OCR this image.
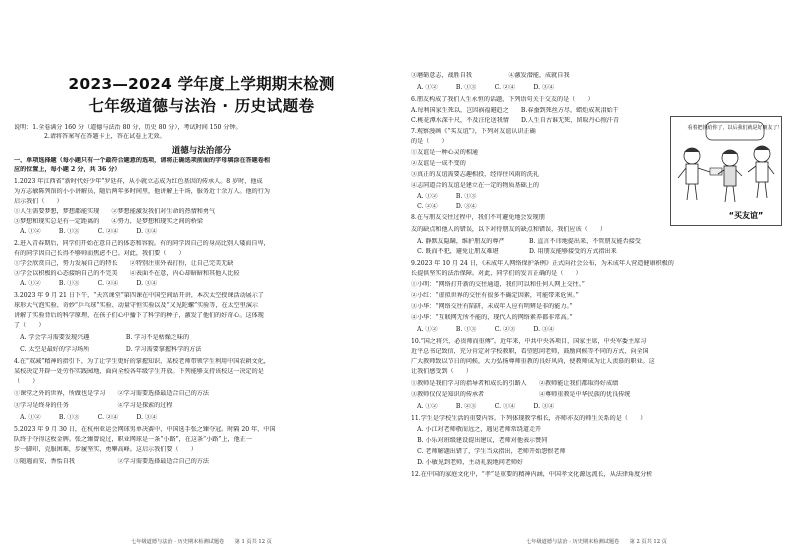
2023—2024 学年度上学期期末检测
七年级道德与法治 · 历史试题卷
说明：1.全卷满分 160 分（道德与法治 80 分，历史 80 分），考试时间 150 分钟。
2.请将答案写在答题卡上，答在试卷上无效。
道德与法治部分
一、单项选择题（每小题只有一个最符合题意的选项，请将正确选项前面的字母填涂在答题卷相
应的位置上，每小题 2 分，共 36 分）
1.2023 年江西省“新时代好少年”罗廷祥，从小就立志成为红色基因的传承人。8 岁时，他成
为方志敏陈列馆的小小讲解员，随后两年多时间里，他讲解上千场，服务近十余万人。他的行为
启示我们（　　）
①人生需要梦想，梦想都能实现　　②梦想能激发我们对生命的热情和勇气
③梦想和现实总是有一定距离的　　④努力，是梦想和现实之间的桥梁
　A. ①②　　　B. ①③　　　C. ②④　　　D. ③④
2.进入青春期后，同学们开始在意自己的体态和容貌。有的同学因自己的身高比别人矮而自卑，
有的同学因自己长得不够帅而焦虑不已。对此，我们要（　　）
①学会欣赏自己，努力发展自己的特长　　②特别注重外表打扮，让自己完美无缺
③学会以积极的心态接纳自己的不完美　　④表面不在意，内心却暗暗和其他人比较
　A. ①②　　　B. ①③　　　C. ②④　　　D. ③④
3.2023 年 9 月 21 日下午，“天宫课堂”第四课在中国空间站开讲，本次太空授课活动展示了
球形大气泡实验、奇妙“乒乓球”实验、动量守恒实验以及“又见陀螺”实验等，在太空里演示
讲解了实验背后的科学原理，在孩子们心中播下了科学的种子，激发了他们的好奇心。这体现
了（　　）
　A. 学会学习需要发现兴趣　　　　　　B. 学习不是枯燥乏味的
　C. 太空是最好的学习场所　　　　　　D. 学习需要掌握科学的方法
4.在“双减”精神的指引下，为了让学生更好的掌握知识，某校老师带领学生利用中国农耕文化，
某校决定开辟一处劳作实践园地，面向全校各年级学生开放。下列能够支持该校这一决定的是
（　　）
①课堂之外的世界，所做也是学习　　②学习需要选择最适合自己的方法
③学习是终身的任务　　　　　　　　④学习是探索的过程
　A. ①②　　　B. ①③　　　C. ②④　　　D. ③④
5.2023 年 9 月 30 日，在杭州亚运会网球男单决赛中，中国选手张之臻夺冠。时隔 20 年，中国
队终于夺得这枚金牌。张之臻曾说过，职业网球是一条“小路”，在这条“小路”上，他正一
步一脚印，克服困难，步履坚实，勇攀高峰。这启示我们要（　　）
①随遇而安，香怡自我　　　　　　　②学习需要选择最适合自己的方法
七年级道德与法治 · 历史期末检测试题卷　　第 1 页共 12 页
③磨砺意志，战胜自我　　　　　　④激发潜能，成就自我
　A. ①②　　　B. ①③　　　C. ②④　　　D. ③④
6.朋友构成了我们人生永恒的话题，下列语句关于交友的是（　　）
A.每利国家生死以，岂因祸福避趋之　　B.春蚕到死丝方尽，蜡炬成灰泪始干
C.桃花潭水深千尺，不及汪伦送我情　　D.人生自古谁无死，留取丹心照汗青
7.观察漫画《“买友谊”》，下列对友谊认识正确
的是（　　）
①友谊是一种心灵的相通
②友谊是一成不变的
③真正的友谊需要志趣相投，经得住风雨的洗礼
④志同道合的友谊是建立在一定的物质基础上的
　A. ①②　　　B. ①③
　C. ②④　　　D. ③④
8.在与朋友交往过程中，我们不可避免地会发现朋
看着把钱给你了，以后我们就是好朋友了！
“买友谊”
友的缺点和他人的错误，以下对待朋友的缺点和错误，我们应该（　　）
　A. 静默友隐瞒，维护朋友的尊严　　　　B. 直言不讳地提出来，不管朋友能否接受
　C. 既而不犯，避免让朋友难堪　　　　　D. 用朋友能够接受的方式指出来
9.2023 年 10 月 24 日，《未成年人网络保护条例》正式向社会公布，为未成年人营造健康积极的
长提供坚实的法治保障。对此，同学们的发言正确的是（　　）
①小明：“网络打开新的交往通道，我们可以和任何人网上交往。”
②小红：“虚拟世界的交往有很多不确定因素，可能带来危害。”
③小华：“网络交往有陷阱，未成年人应有明辨是非的能力。”
④小华：“互联网无所不能的，现代人的网络素养都非常高。”
　A. ①②　　　B. ①③　　　C. ②③　　　D. ③④
10.“国之将兴，必贵师而重傅”。近年来，中共中央各项目，国家主席，中央军委主席习
近平总书记致信，充分肯定对学校教职，看望慰问老师，鼓励问候等不同的方式，向全国
广大教师致以节日的问候，大力弘扬尊师重教的良好风尚，使教师成为让人羡慕的职业。这
让我们感受到（　　）
①教师是我们学习的指导者和成长的引路人　　②教师能让我们都取得好成绩
③教师仅仅是知识的传承者　　　　　　　　　④尊师重教是中华民族的优良传统
　A. ①②　　　B. ②③　　　C. ①④　　　D. ③④
11.学生是学校生活的重要内容。下列体现教学相长，亦师亦友的师生关系的是（　　）
　A. 小江对老师敬而远之，遇见老师常绕道走开
　B. 小乐对班级建设提出建议，老师对他表示赞同
　C. 老师解题出错了，学生当众指出，老师开始怨恨老师
　D. 小敏见到老师，主动礼貌地问老师好
12.在中国的家庭文化中，“孝”是重要的精神内涵，中国孝文化源远流长，从法律角度分析
七年级道德与法治 · 历史期末检测试题卷　　第 2 页共 12 页
